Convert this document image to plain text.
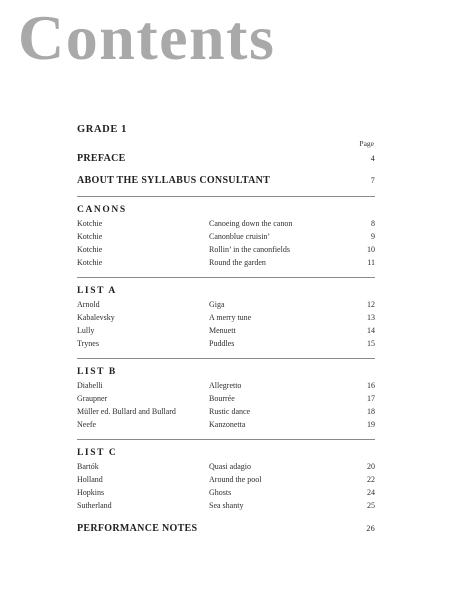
Contents
GRADE 1
Page
PREFACE	4
ABOUT THE SYLLABUS CONSULTANT	7
CANONS
Kotchie	Canoeing down the canon	8
Kotchie	Canonblue cruisin’	9
Kotchie	Rollin’ in the canonfields	10
Kotchie	Round the garden	11
LIST A
Arnold	Giga	12
Kabalevsky	A merry tune	13
Lully	Menuett	14
Trynes	Puddles	15
LIST B
Diabelli	Allegretto	16
Graupner	Bourrée	17
Müller ed. Bullard and Bullard	Rustic dance	18
Neefe	Kanzonetta	19
LIST C
Bartók	Quasi adagio	20
Holland	Around the pool	22
Hopkins	Ghosts	24
Sutherland	Sea shanty	25
PERFORMANCE NOTES	26
